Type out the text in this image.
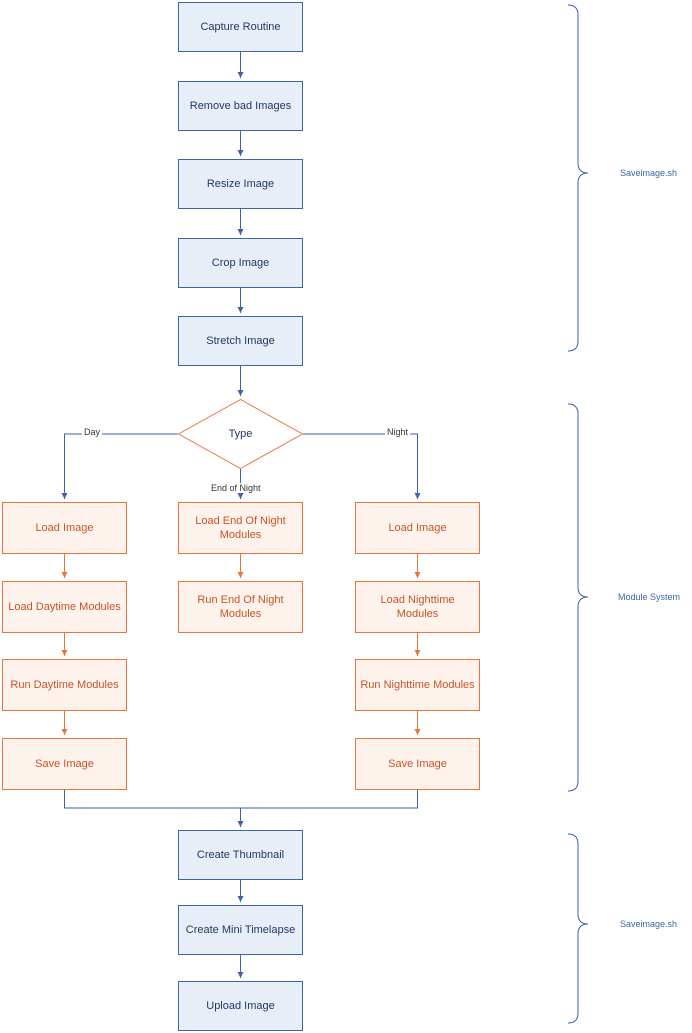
Capture Routine
Remove bad Images
Resize Image
Crop Image
Stretch Image
Type
Load Image
Load Daytime Modules
Run Daytime Modules
Save Image
Load End Of Night Modules
Run End Of Night Modules
Load Image
Load Nighttime Modules
Run Nighttime Modules
Save Image
Create Thumbnail
Create Mini Timelapse
Upload Image
Day	Night
End of Night
Saveimage.sh
Module System
Saveimage.sh
